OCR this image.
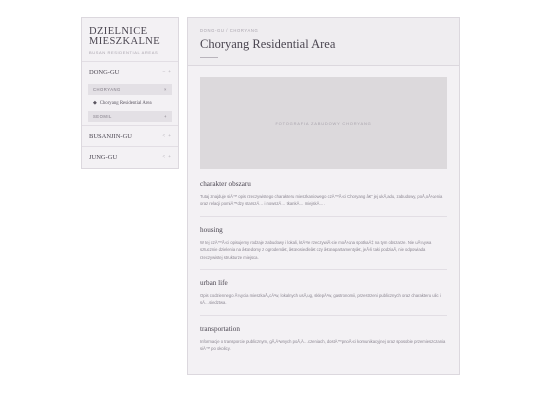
DZIELNICE
MIESZKALNE
BUSAN RESIDENTIAL AREAS
DONG-GU	– +
CHORYANG	×
◆ Choryang Residential Area
SEOMIL	+
BUSANJIN-GU	< +
JUNG-GU	< +
DONG-GU / CHORYANG
Choryang Residential Area
FOTOGRAFIA ZABUDOWY CHORYANG
charakter obszaru

Tutaj znajduje siÄ™ opis rzeczywistego charakteru mieszkaniowego czÄ™Å›ci Choryang â€“ jej ukÅ‚adu, zabudowy, poÅ‚oÅ¼enia oraz relacji pomiÄ™dzy starszÄ… i nowszÄ… tkankÄ… miejskÄ….

housing

W tej czÄ™Å›ci opisujemy rodzaje zabudowy i lokali, ktÃ³re rzeczywiÅ›cie moÅ¼na spotkaÄ‡ na tym obszarze. Nie uÅ¼ywa sztucznie dzielenia na â€œdomy z ogrodemâ€, â€œosiedleâ€ czy â€œapartamentyâ€, jeÅ›li taki podziaÅ‚ nie odpowiada rzeczywistej strukturze miejsca.

urban life

Opis codziennego Å¼ycia mieszkaÅ„cÃ³w, lokalnych usÅ‚ug, sklepÃ³w, gastronomii, przestrzeni publicznych oraz charakteru ulic i sÄ…siedztwa.

transportation

Informacje o transporcie publicznym, gÅ‚Ã³wnych poÅ‚Ä…czeniach, dostÄ™pnoÅ›ci komunikacyjnej oraz sposobie przemieszczania siÄ™ po okolicy.
